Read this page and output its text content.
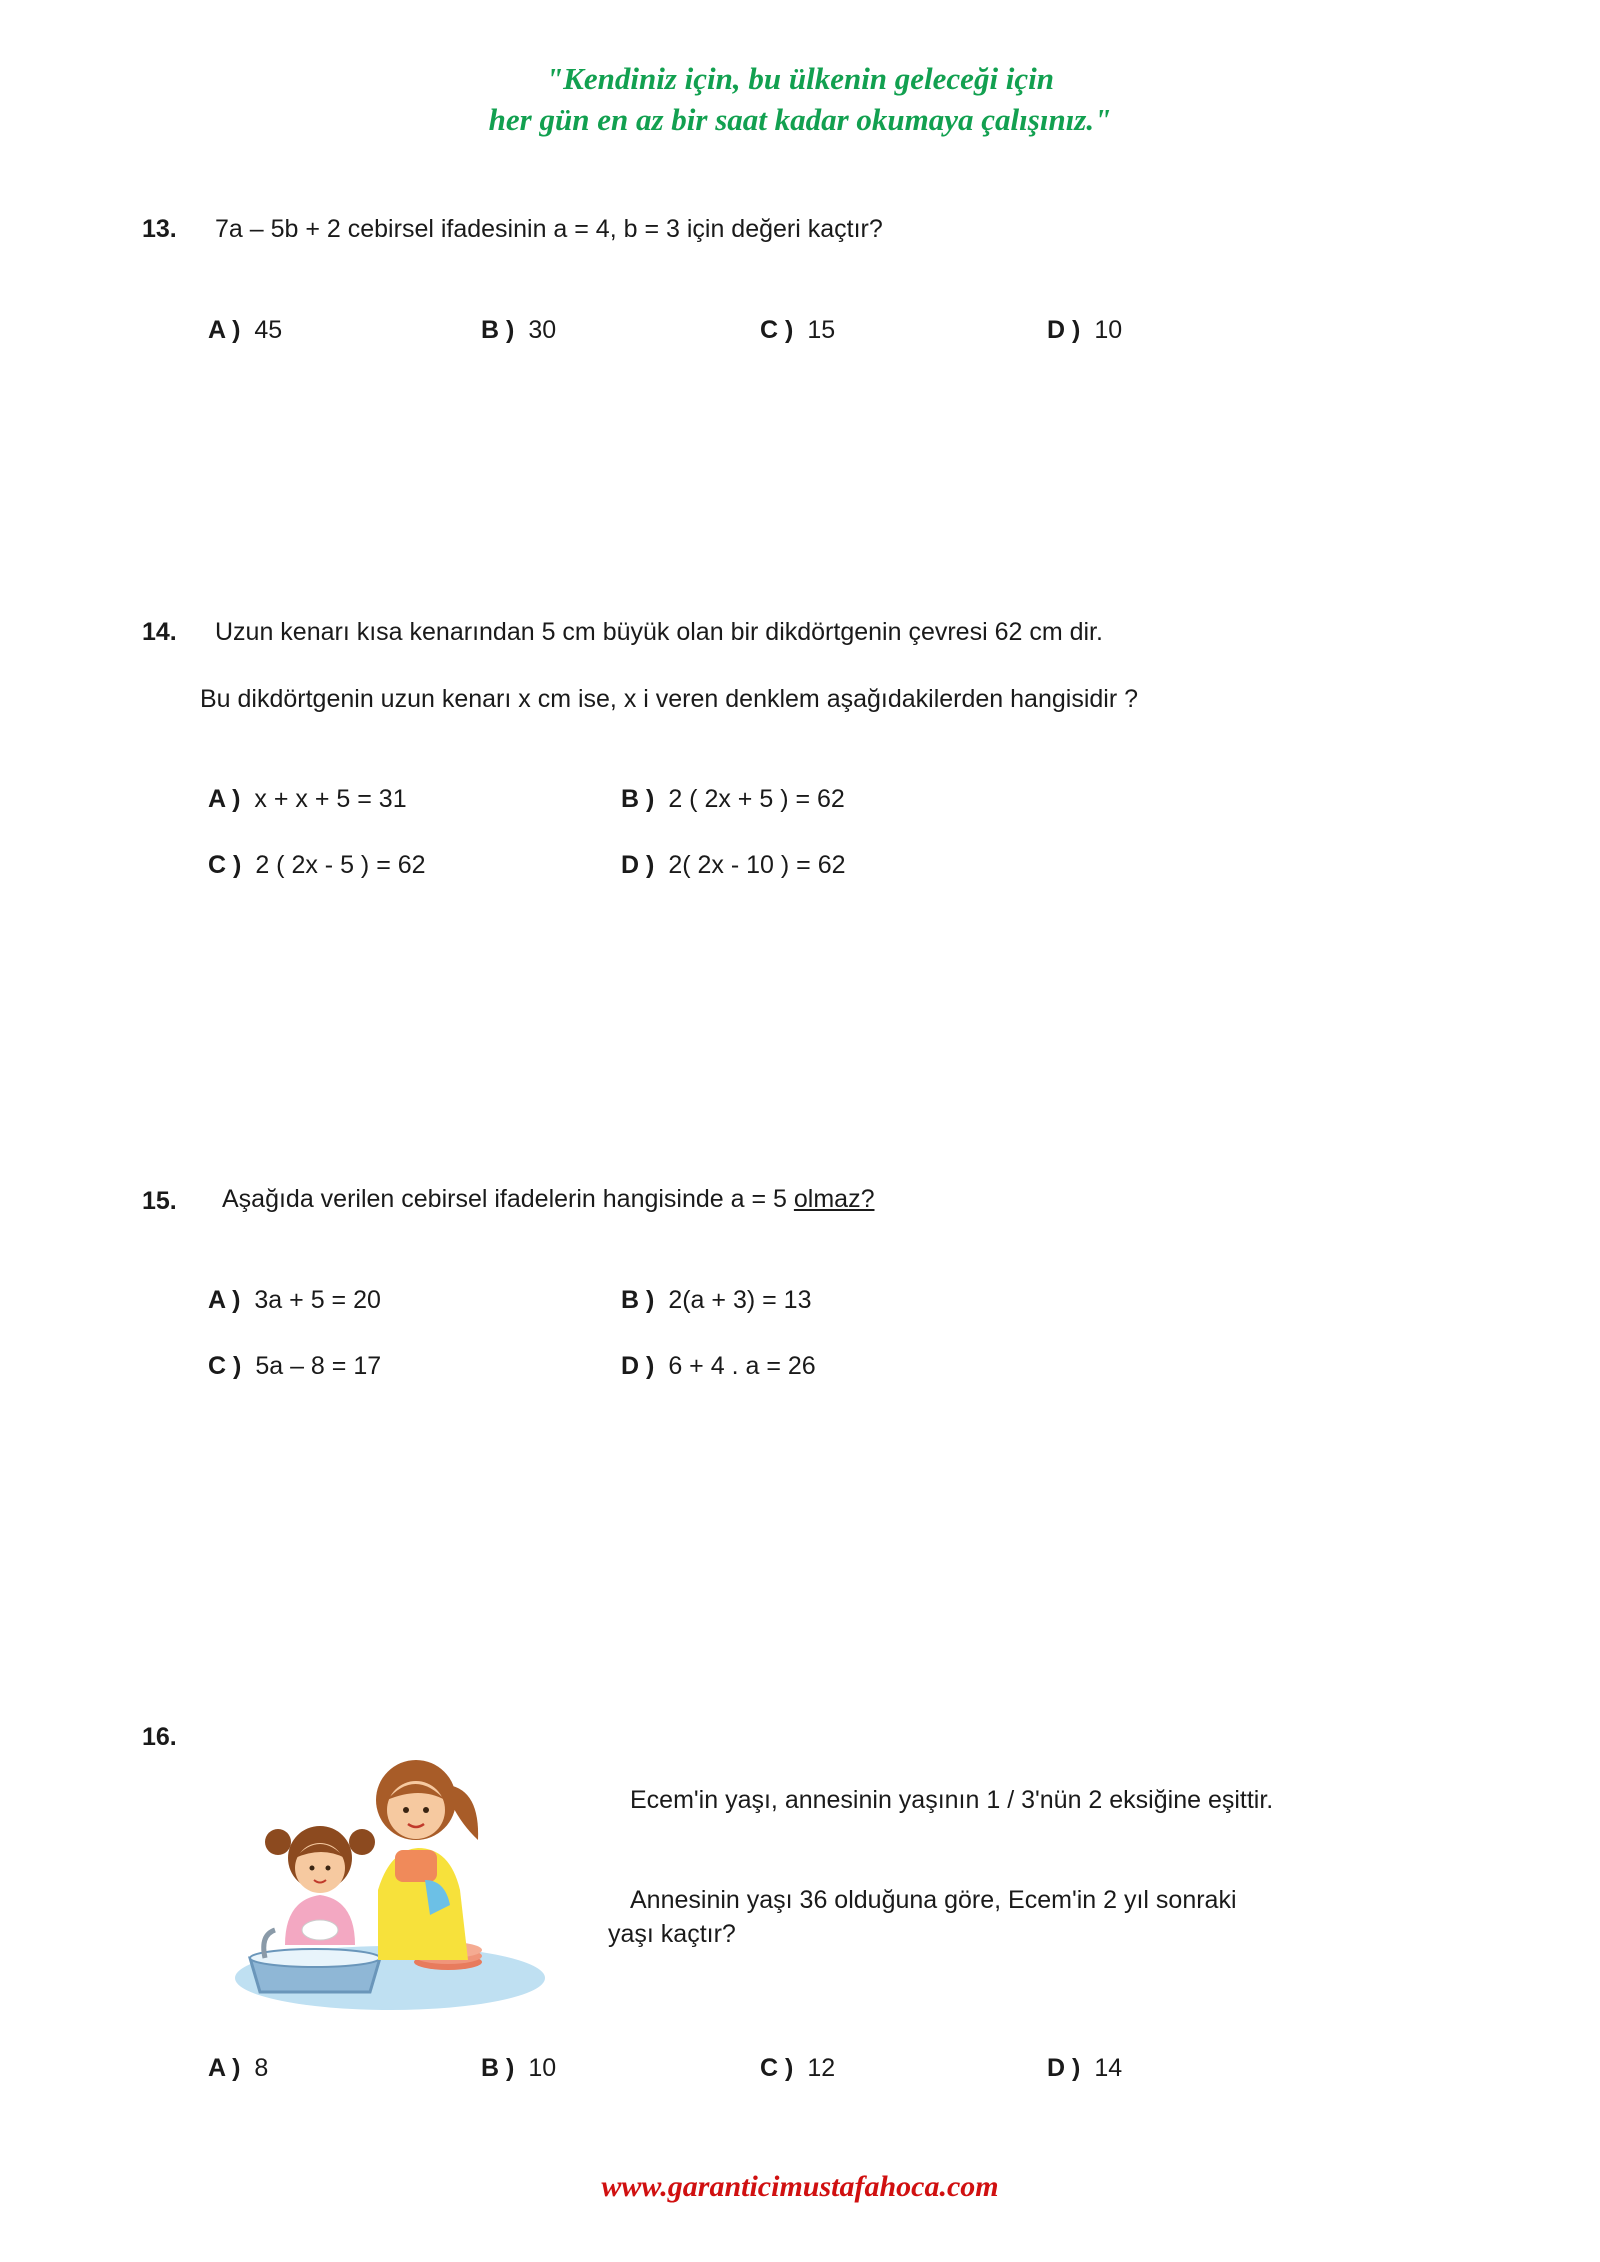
"Kendiniz için, bu ülkenin geleceği için
her gün en az bir saat kadar okumaya çalışınız."
13. 7a – 5b + 2 cebirsel ifadesinin a = 4, b = 3 için değeri kaçtır?
A ) 45	B ) 30	C ) 15	D ) 10
14. Uzun kenarı kısa kenarından 5 cm büyük olan bir dikdörtgenin çevresi 62 cm dir.
Bu dikdörtgenin uzun kenarı x cm ise, x i veren denklem aşağıdakilerden hangisidir ?
A ) x + x + 5 = 31	B ) 2 ( 2x + 5 ) = 62
C ) 2 ( 2x - 5 ) = 62	D ) 2( 2x - 10 ) = 62
15. Aşağıda verilen cebirsel ifadelerin hangisinde a = 5 olmaz?
A ) 3a + 5 = 20	B ) 2(a + 3) = 13
C ) 5a – 8 = 17	D ) 6 + 4 . a = 26
16.
Ecem'in yaşı, annesinin yaşının 1 / 3'nün 2 eksiğine eşittir.
Annesinin yaşı 36 olduğuna göre, Ecem'in 2 yıl sonraki
yaşı kaçtır?
A ) 8	B ) 10	C ) 12	D ) 14
www.garanticimustafahoca.com
